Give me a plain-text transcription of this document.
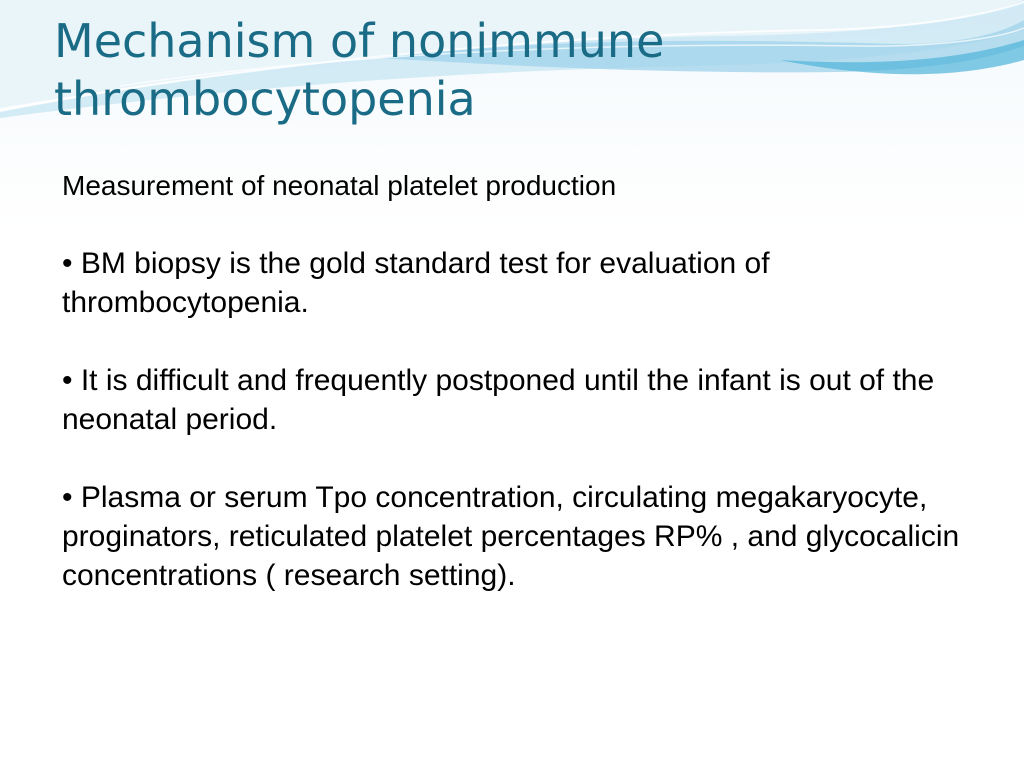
Mechanism of nonimmune thrombocytopenia

Measurement of neonatal platelet production

• BM biopsy is the gold standard test for evaluation of thrombocytopenia.

• It is difficult and frequently postponed until the infant is out of the neonatal period.

• Plasma or serum Tpo concentration, circulating megakaryocyte, proginators, reticulated platelet percentages RP% , and glycocalicin concentrations ( research setting).
